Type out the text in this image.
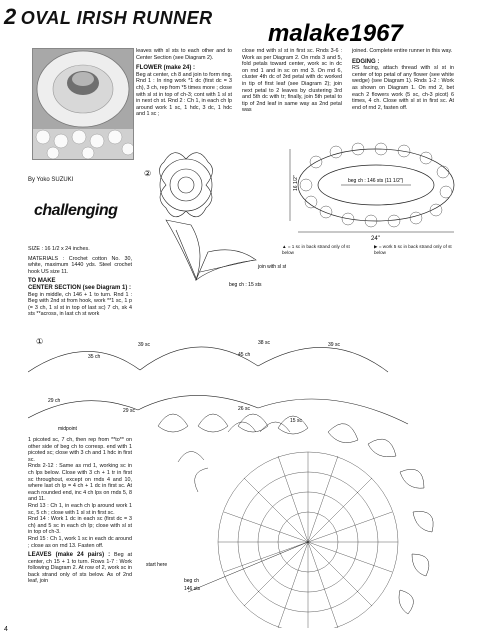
2 OVAL IRISH RUNNER
malake1967
By Yoko SUZUKI
challenging
SIZE : 16 1/2 x 24 inches.
MATERIALS : Crochet cotton No. 30, white, maximum 1440 yds. Steel crochet hook US size 11.
TO MAKE
CENTER SECTION (see Diagram 1) :
Beg in middle, ch 146 + 1 to turn. Rnd 1 : Beg with 2nd st from hook, work **1 sc, 1 p (= 3 ch, 1 sl st in top of last sc) 7 ch, sk 4 sts **across, in last ch st work
leaves with sl sts to each other and to Center Section (see Diagram 2).
FLOWER (make 24) :
Beg at center, ch 8 and join to form ring. Rnd 1 : In ring work *1 dc (first dc = 3 ch), 3 ch, rep from *5 times more ; close with sl st in top of ch-3; cont with 1 sl st in next ch st. Rnd 2 : Ch 1, in each ch lp around work 1 sc, 1 hdc, 3 dc, 1 hdc and 1 sc ;
close rnd with sl st in first sc. Rnds 3-6 : Work as per Diagram 2. On rnds 3 and 5, fold petals toward center, work sc in dc on rnd 1 and in sc on rnd 3. On rnd 6, cluster 4th dc of 3rd petal with dc worked in tip of first leaf (see Diagram 2); join next petal to 2 leaves by clustering 3rd and 5th dc with tr; finally, join 5th petal to tip of 2nd leaf in same way as 2nd petal was
joined. Complete entire runner in this way.
EDGING :
RS facing, attach thread with sl st in center of top petal of any flower (see white wedge) (see Diagram 1). Rnds 1-2 : Work as shown on Diagram 1. On rnd 2, bet each 2 flowers work (5 sc, ch-3 picot) 6 times, 4 ch. Close with sl st in first sc. At end of rnd 2, fasten off.
1 picoted sc, 7 ch, then rep from **to** on other side of beg ch to corresp. end with 1 picoted sc; close with 3 ch and 1 hdc in first sc.
Rnds 2-12 : Same as rnd 1, working sc in ch lps below. Close with 3 ch + 1 tr in first sc throughout, except on rnds 4 and 10, where last ch lp = 4 ch + 1 dc in first sc. At each rounded end, inc 4 ch lps on rnds 5, 8 and 11.
Rnd 13 : Ch 1, in each ch lp around work 1 sc, 5 ch ; close with 1 sl st in first sc.
Rnd 14 : Work 1 dc in each sc (first dc = 3 ch) and 5 sc in each ch lp; close with sl st in top of ch-3.
Rnd 15 : Ch 1, work 1 sc in each dc around ; close as on rnd 13. Fasten off.
LEAVES (make 24 pairs) : Beg at center, ch 15 + 1 to turn. Rows 1-7 : Work following Diagram 2. At row of 2, work sc in back strand only of sts below. As of 2nd leaf, join
②
beg ch : 15 sts
join with sl st
beg ch : 146 sts (11 1/2")
24"
16 1/2"
▲ = 1 sc in back strand only of st below
▶ = work 5 sc in back strand only of st below
①	39 sc
35 ch	45 ch
39 sc
29 sc	26 sc
15 sc
38 sc
29 ch
midpoint
start here
beg ch
146 sts
4
